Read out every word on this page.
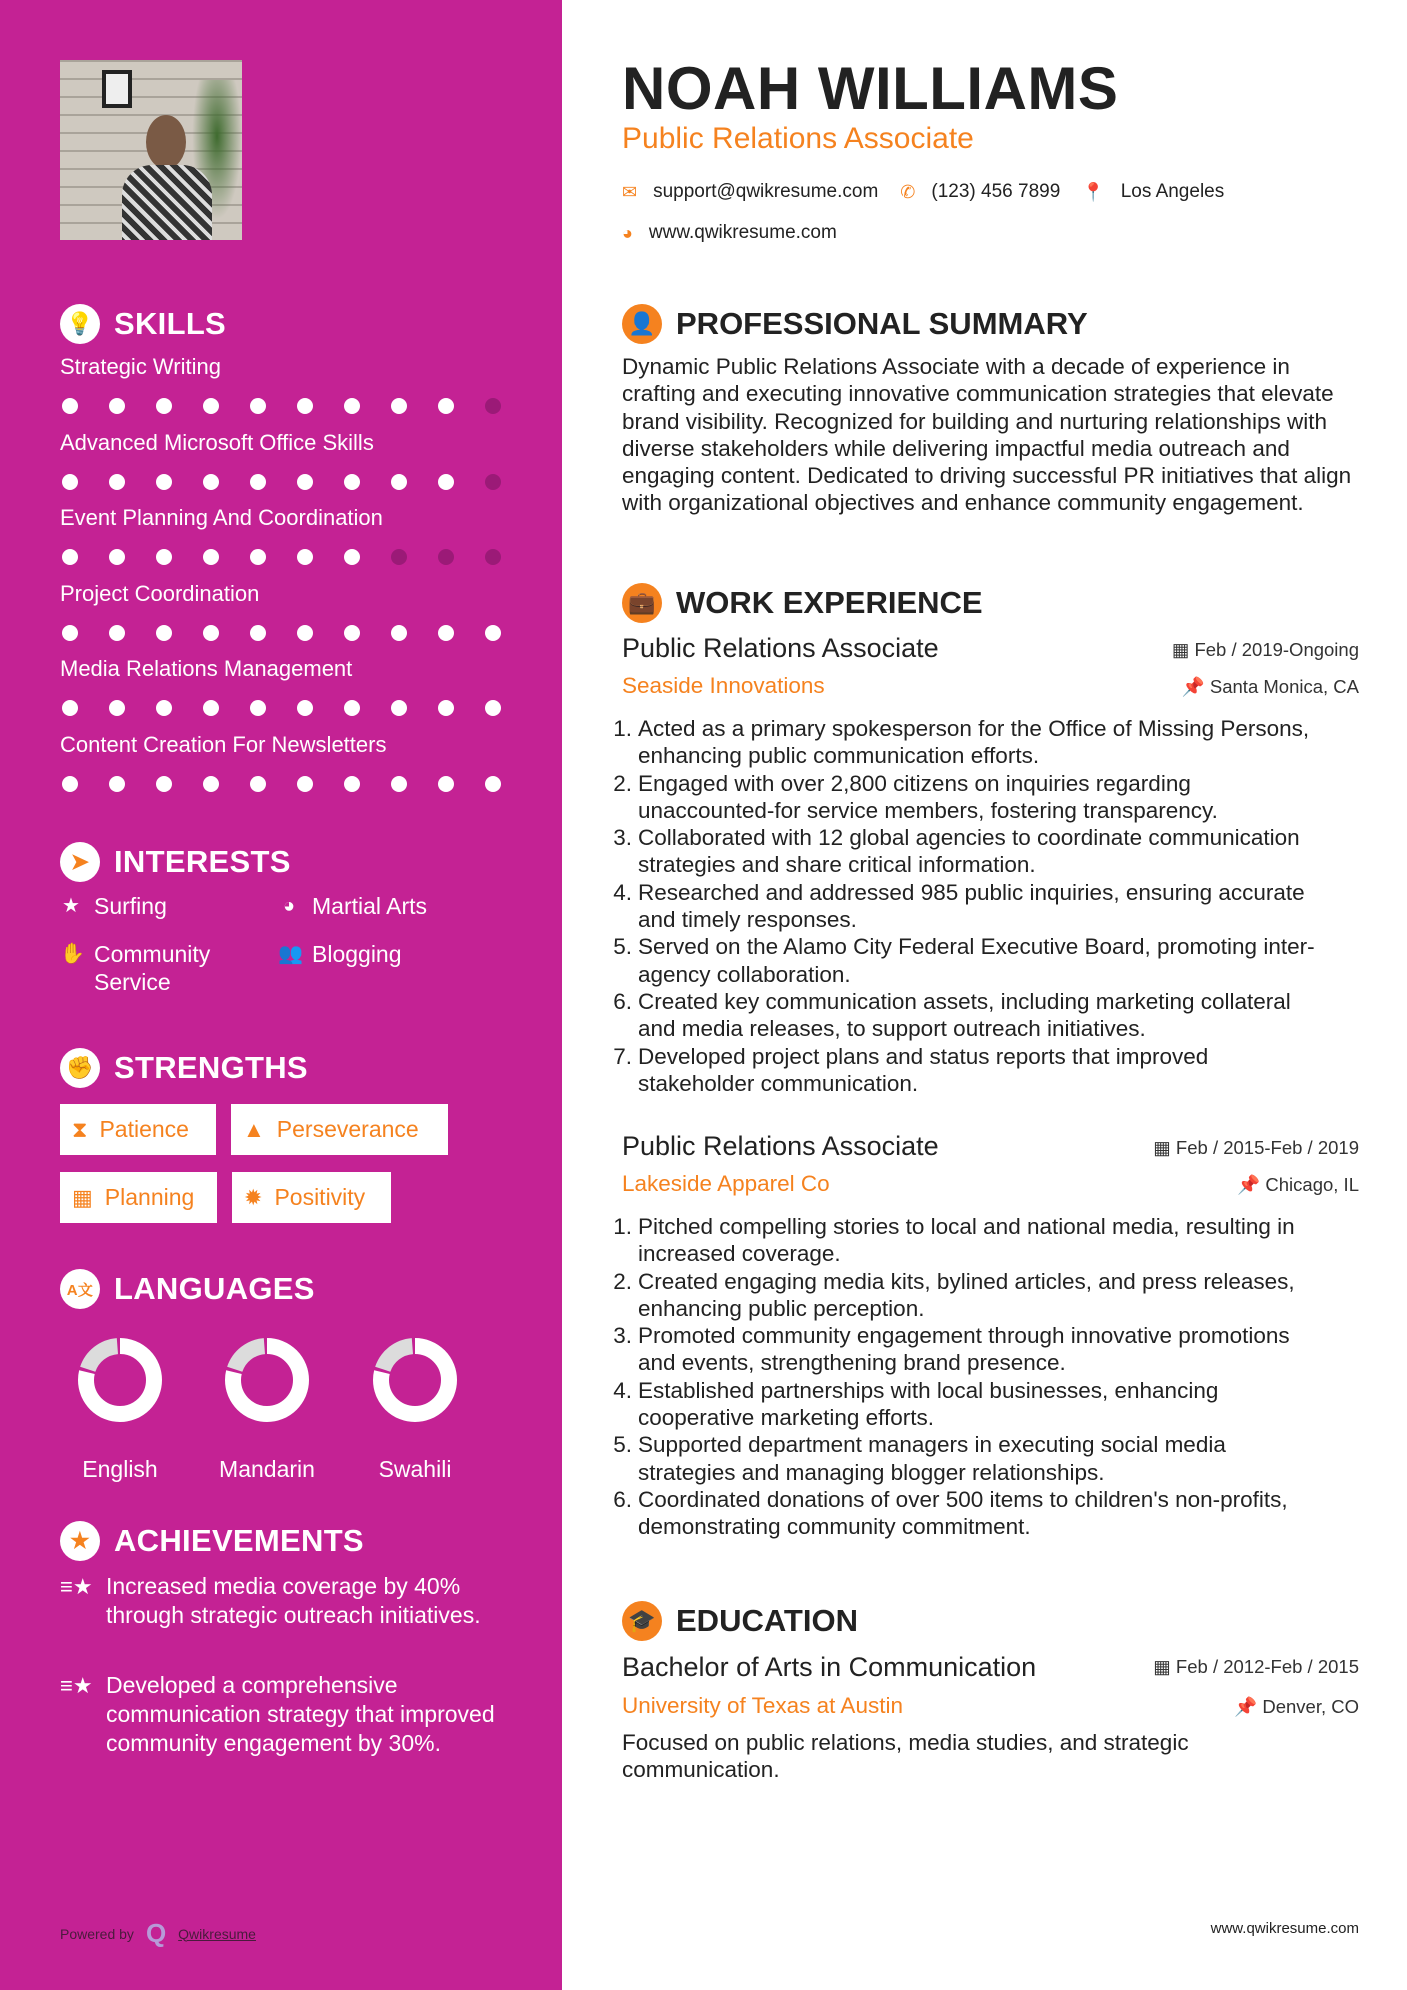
💡 SKILLS
Strategic Writing
Advanced Microsoft Office Skills
Event Planning And Coordination
Project Coordination
Media Relations Management
Content Creation For Newsletters
➤ INTERESTS
★ Surfing	◕ Martial Arts
✋ Community Service
👥 Blogging
✊ STRENGTHS
⧗ Patience ▲ Perseverance
▦ Planning ✹ Positivity
A文 LANGUAGES
English	Mandarin	Swahili
★ ACHIEVEMENTS
≡★ Increased media coverage by 40% through strategic outreach initiatives.
≡★ Developed a comprehensive communication strategy that improved community engagement by 30%.
Powered by Q Qwikresume
NOAH WILLIAMS
Public Relations Associate
✉ support@qwikresume.com ✆ (123) 456 7899 📍 Los Angeles
◕ www.qwikresume.com
👤 PROFESSIONAL SUMMARY
Dynamic Public Relations Associate with a decade of experience in crafting and executing innovative communication strategies that elevate brand visibility. Recognized for building and nurturing relationships with diverse stakeholders while delivering impactful media outreach and engaging content. Dedicated to driving successful PR initiatives that align with organizational objectives and enhance community engagement.
💼 WORK EXPERIENCE
Public Relations Associate	▦ Feb / 2019-Ongoing
Seaside Innovations	📌 Santa Monica, CA
1. Acted as a primary spokesperson for the Office of Missing Persons, enhancing public communication efforts.
2. Engaged with over 2,800 citizens on inquiries regarding unaccounted-for service members, fostering transparency.
3. Collaborated with 12 global agencies to coordinate communication strategies and share critical information.
4. Researched and addressed 985 public inquiries, ensuring accurate and timely responses.
5. Served on the Alamo City Federal Executive Board, promoting inter-agency collaboration.
6. Created key communication assets, including marketing collateral and media releases, to support outreach initiatives.
7. Developed project plans and status reports that improved stakeholder communication.
Public Relations Associate	▦ Feb / 2015-Feb / 2019
Lakeside Apparel Co	📌 Chicago, IL
1. Pitched compelling stories to local and national media, resulting in increased coverage.
2. Created engaging media kits, bylined articles, and press releases, enhancing public perception.
3. Promoted community engagement through innovative promotions and events, strengthening brand presence.
4. Established partnerships with local businesses, enhancing cooperative marketing efforts.
5. Supported department managers in executing social media strategies and managing blogger relationships.
6. Coordinated donations of over 500 items to children's non-profits, demonstrating community commitment.
🎓 EDUCATION
Bachelor of Arts in Communication	▦ Feb / 2012-Feb / 2015
University of Texas at Austin	📌 Denver, CO
Focused on public relations, media studies, and strategic communication.
www.qwikresume.com
